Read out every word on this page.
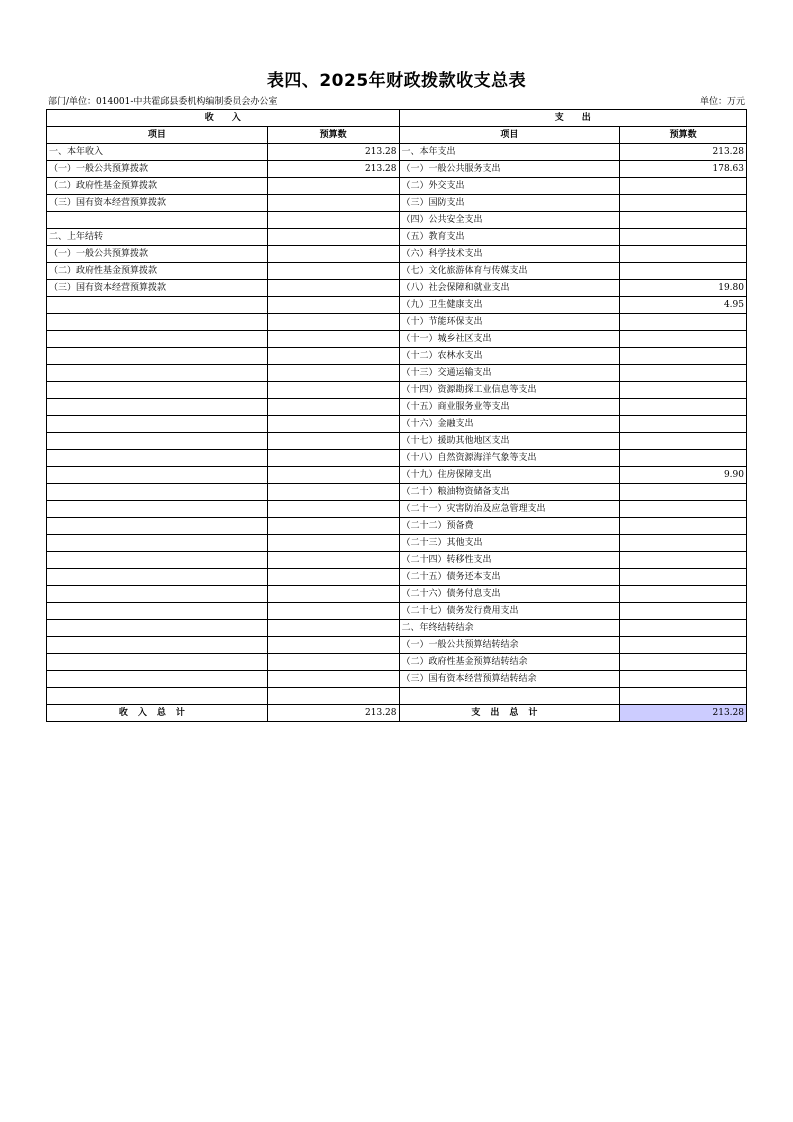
表四、2025年财政拨款收支总表
部门/单位：014001-中共霍邱县委机构编制委员会办公室	单位：万元
收　　入		支　　出	
项目	预算数	项目	预算数
一、本年收入	213.28	一、本年支出	213.28
（一）一般公共预算拨款	213.28	（一）一般公共服务支出	178.63
（二）政府性基金预算拨款		（二）外交支出	
（三）国有资本经营预算拨款		（三）国防支出	
		（四）公共安全支出	
二、上年结转		（五）教育支出	
（一）一般公共预算拨款		（六）科学技术支出	
（二）政府性基金预算拨款		（七）文化旅游体育与传媒支出	
（三）国有资本经营预算拨款		（八）社会保障和就业支出	19.80
		（九）卫生健康支出	4.95
		（十）节能环保支出	
		（十一）城乡社区支出	
		（十二）农林水支出	
		（十三）交通运输支出	
		（十四）资源勘探工业信息等支出	
		（十五）商业服务业等支出	
		（十六）金融支出	
		（十七）援助其他地区支出	
		（十八）自然资源海洋气象等支出	
		（十九）住房保障支出	9.90
		（二十）粮油物资储备支出	
		（二十一）灾害防治及应急管理支出	
		（二十二）预备费	
		（二十三）其他支出	
		（二十四）转移性支出	
		（二十五）债务还本支出	
		（二十六）债务付息支出	
		（二十七）债务发行费用支出	
		二、年终结转结余	
		（一）一般公共预算结转结余	
		（二）政府性基金预算结转结余	
		（三）国有资本经营预算结转结余	

收入总计	213.28	支出总计	213.28
